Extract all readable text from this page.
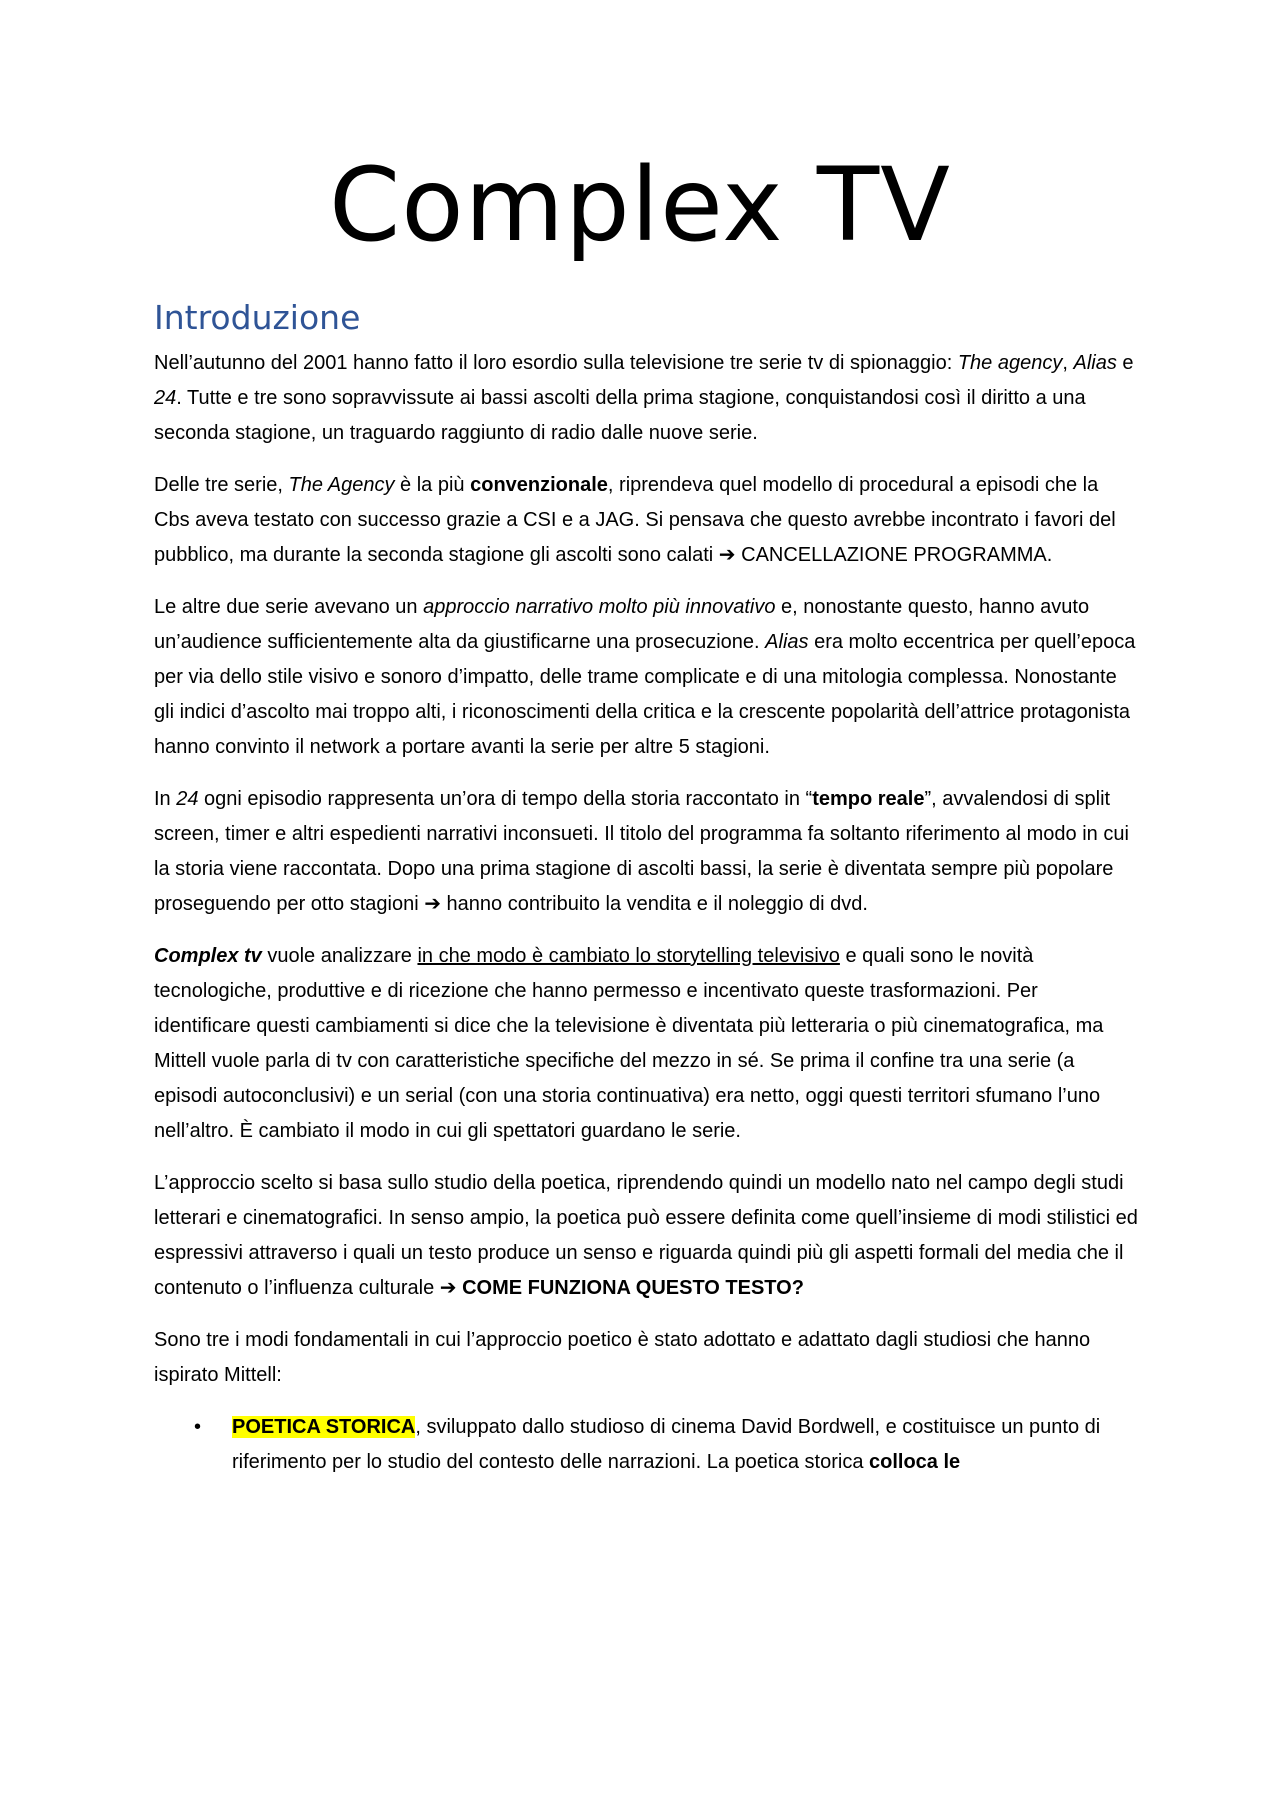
Complex TV
Introduzione

Nell’autunno del 2001 hanno fatto il loro esordio sulla televisione tre serie tv di spionaggio: The agency, Alias e 24. Tutte e tre sono sopravvissute ai bassi ascolti della prima stagione, conquistandosi così il diritto a una seconda stagione, un traguardo raggiunto di radio dalle nuove serie.

Delle tre serie, The Agency è la più convenzionale, riprendeva quel modello di procedural a episodi che la Cbs aveva testato con successo grazie a CSI e a JAG. Si pensava che questo avrebbe incontrato i favori del pubblico, ma durante la seconda stagione gli ascolti sono calati ➔ CANCELLAZIONE PROGRAMMA.

Le altre due serie avevano un approccio narrativo molto più innovativo e, nonostante questo, hanno avuto un’audience sufficientemente alta da giustificarne una prosecuzione. Alias era molto eccentrica per quell’epoca per via dello stile visivo e sonoro d’impatto, delle trame complicate e di una mitologia complessa. Nonostante gli indici d’ascolto mai troppo alti, i riconoscimenti della critica e la crescente popolarità dell’attrice protagonista hanno convinto il network a portare avanti la serie per altre 5 stagioni.

In 24 ogni episodio rappresenta un’ora di tempo della storia raccontato in “tempo reale”, avvalendosi di split screen, timer e altri espedienti narrativi inconsueti. Il titolo del programma fa soltanto riferimento al modo in cui la storia viene raccontata. Dopo una prima stagione di ascolti bassi, la serie è diventata sempre più popolare proseguendo per otto stagioni ➔ hanno contribuito la vendita e il noleggio di dvd.

Complex tv vuole analizzare in che modo è cambiato lo storytelling televisivo e quali sono le novità tecnologiche, produttive e di ricezione che hanno permesso e incentivato queste trasformazioni. Per identificare questi cambiamenti si dice che la televisione è diventata più letteraria o più cinematografica, ma Mittell vuole parla di tv con caratteristiche specifiche del mezzo in sé. Se prima il confine tra una serie (a episodi autoconclusivi) e un serial (con una storia continuativa) era netto, oggi questi territori sfumano l’uno nell’altro. È cambiato il modo in cui gli spettatori guardano le serie.

L’approccio scelto si basa sullo studio della poetica, riprendendo quindi un modello nato nel campo degli studi letterari e cinematografici. In senso ampio, la poetica può essere definita come quell’insieme di modi stilistici ed espressivi attraverso i quali un testo produce un senso e riguarda quindi più gli aspetti formali del media che il contenuto o l’influenza culturale ➔ COME FUNZIONA QUESTO TESTO?

Sono tre i modi fondamentali in cui l’approccio poetico è stato adottato e adattato dagli studiosi che hanno ispirato Mittell:

• POETICA STORICA, sviluppato dallo studioso di cinema David Bordwell, e costituisce un punto di riferimento per lo studio del contesto delle narrazioni. La poetica storica colloca le
